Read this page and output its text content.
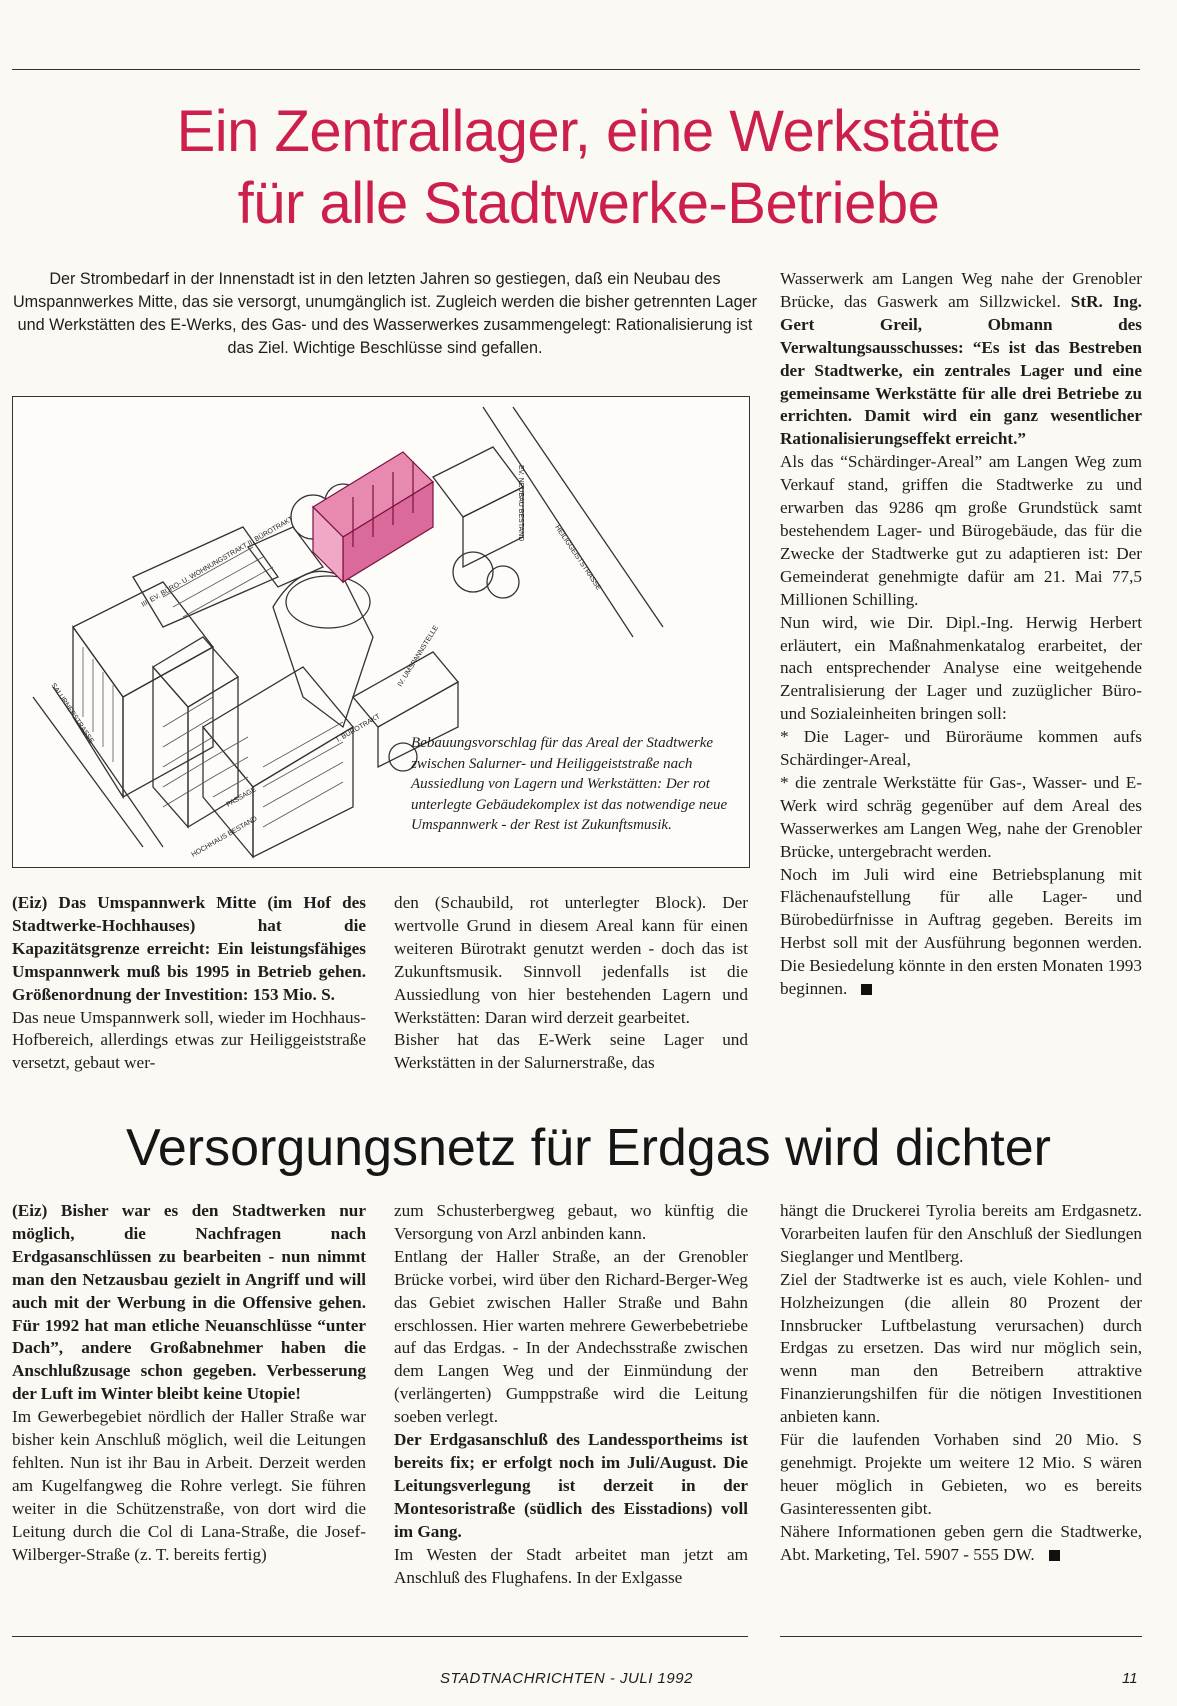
Ein Zentrallager, eine Werkstätte
für alle Stadtwerke-Betriebe

Der Strombedarf in der Innenstadt ist in den letzten Jahren so gestiegen, daß ein Neubau des Umspannwerkes Mitte, das sie versorgt, unumgänglich ist. Zugleich werden die bisher getrennten Lager und Werkstätten des E-Werks, des Gas- und des Wasserwerkes zusammengelegt: Rationalisierung ist das Ziel. Wichtige Beschlüsse sind gefallen.

SALURNERSTRASSE
HEILIGGEISTSTRASSE
III. EV. BÜRO- U. WOHNUNGSTRAKT II. BÜROTRAKT
I. BÜROTRAKT
IV. UMSPANNSTELLE
HOCHHAUS BESTAND
PASSAGE
EV. NEUBAU BESTAND

Bebauungsvorschlag für das Areal der Stadtwerke zwischen Salurner- und Heiliggeiststraße nach Aussiedlung von Lagern und Werkstätten: Der rot unterlegte Gebäudekomplex ist das notwendige neue Umspannwerk - der Rest ist Zukunftsmusik.

(Eiz) Das Umspannwerk Mitte (im Hof des Stadtwerke-Hochhauses) hat die Kapazitätsgrenze erreicht: Ein leistungsfähiges Umspannwerk muß bis 1995 in Betrieb gehen. Größenordnung der Investition: 153 Mio. S.

Das neue Umspannwerk soll, wieder im Hochhaus-Hofbereich, allerdings etwas zur Heiliggeiststraße versetzt, gebaut wer-

den (Schaubild, rot unterlegter Block). Der wertvolle Grund in diesem Areal kann für einen weiteren Bürotrakt genutzt werden - doch das ist Zukunftsmusik. Sinnvoll jedenfalls ist die Aussiedlung von hier bestehenden Lagern und Werkstätten: Daran wird derzeit gearbeitet.

Bisher hat das E-Werk seine Lager und Werkstätten in der Salurnerstraße, das

Wasserwerk am Langen Weg nahe der Grenobler Brücke, das Gaswerk am Sillzwickel. StR. Ing. Gert Greil, Obmann des Verwaltungsausschusses: “Es ist das Bestreben der Stadtwerke, ein zentrales Lager und eine gemeinsame Werkstätte für alle drei Betriebe zu errichten. Damit wird ein ganz wesentlicher Rationalisierungseffekt erreicht.”

Als das “Schärdinger-Areal” am Langen Weg zum Verkauf stand, griffen die Stadtwerke zu und erwarben das 9286 qm große Grundstück samt bestehendem Lager- und Bürogebäude, das für die Zwecke der Stadtwerke gut zu adaptieren ist: Der Gemeinderat genehmigte dafür am 21. Mai 77,5 Millionen Schilling.

Nun wird, wie Dir. Dipl.-Ing. Herwig Herbert erläutert, ein Maßnahmenkatalog erarbeitet, der nach entsprechender Analyse eine weitgehende Zentralisierung der Lager und zuzüglicher Büro- und Sozialeinheiten bringen soll:

* Die Lager- und Büroräume kommen aufs Schärdinger-Areal,

* die zentrale Werkstätte für Gas-, Wasser- und E-Werk wird schräg gegenüber auf dem Areal des Wasserwerkes am Langen Weg, nahe der Grenobler Brücke, untergebracht werden.

Noch im Juli wird eine Betriebsplanung mit Flächenaufstellung für alle Lager- und Bürobedürfnisse in Auftrag gegeben. Bereits im Herbst soll mit der Ausführung begonnen werden. Die Besiedelung könnte in den ersten Monaten 1993 beginnen.

Versorgungsnetz für Erdgas wird dichter

(Eiz) Bisher war es den Stadtwerken nur möglich, die Nachfragen nach Erdgasanschlüssen zu bearbeiten - nun nimmt man den Netzausbau gezielt in Angriff und will auch mit der Werbung in die Offensive gehen. Für 1992 hat man etliche Neuanschlüsse “unter Dach”, andere Großabnehmer haben die Anschlußzusage schon gegeben. Verbesserung der Luft im Winter bleibt keine Utopie!

Im Gewerbegebiet nördlich der Haller Straße war bisher kein Anschluß möglich, weil die Leitungen fehlten. Nun ist ihr Bau in Arbeit. Derzeit werden am Kugelfangweg die Rohre verlegt. Sie führen weiter in die Schützenstraße, von dort wird die Leitung durch die Col di Lana-Straße, die Josef-Wilberger-Straße (z. T. bereits fertig)

zum Schusterbergweg gebaut, wo künftig die Versorgung von Arzl anbinden kann.

Entlang der Haller Straße, an der Grenobler Brücke vorbei, wird über den Richard-Berger-Weg das Gebiet zwischen Haller Straße und Bahn erschlossen. Hier warten mehrere Gewerbebetriebe auf das Erdgas. - In der Andechsstraße zwischen dem Langen Weg und der Einmündung der (verlängerten) Gumppstraße wird die Leitung soeben verlegt.

Der Erdgasanschluß des Landessportheims ist bereits fix; er erfolgt noch im Juli/August. Die Leitungsverlegung ist derzeit in der Montesoristraße (südlich des Eisstadions) voll im Gang.

Im Westen der Stadt arbeitet man jetzt am Anschluß des Flughafens. In der Exlgasse

hängt die Druckerei Tyrolia bereits am Erdgasnetz. Vorarbeiten laufen für den Anschluß der Siedlungen Sieglanger und Mentlberg.

Ziel der Stadtwerke ist es auch, viele Kohlen- und Holzheizungen (die allein 80 Prozent der Innsbrucker Luftbelastung verursachen) durch Erdgas zu ersetzen. Das wird nur möglich sein, wenn man den Betreibern attraktive Finanzierungshilfen für die nötigen Investitionen anbieten kann.

Für die laufenden Vorhaben sind 20 Mio. S genehmigt. Projekte um weitere 12 Mio. S wären heuer möglich in Gebieten, wo es bereits Gasinteressenten gibt.

Nähere Informationen geben gern die Stadtwerke, Abt. Marketing, Tel. 5907 - 555 DW.

STADTNACHRICHTEN - JULI 1992	11
